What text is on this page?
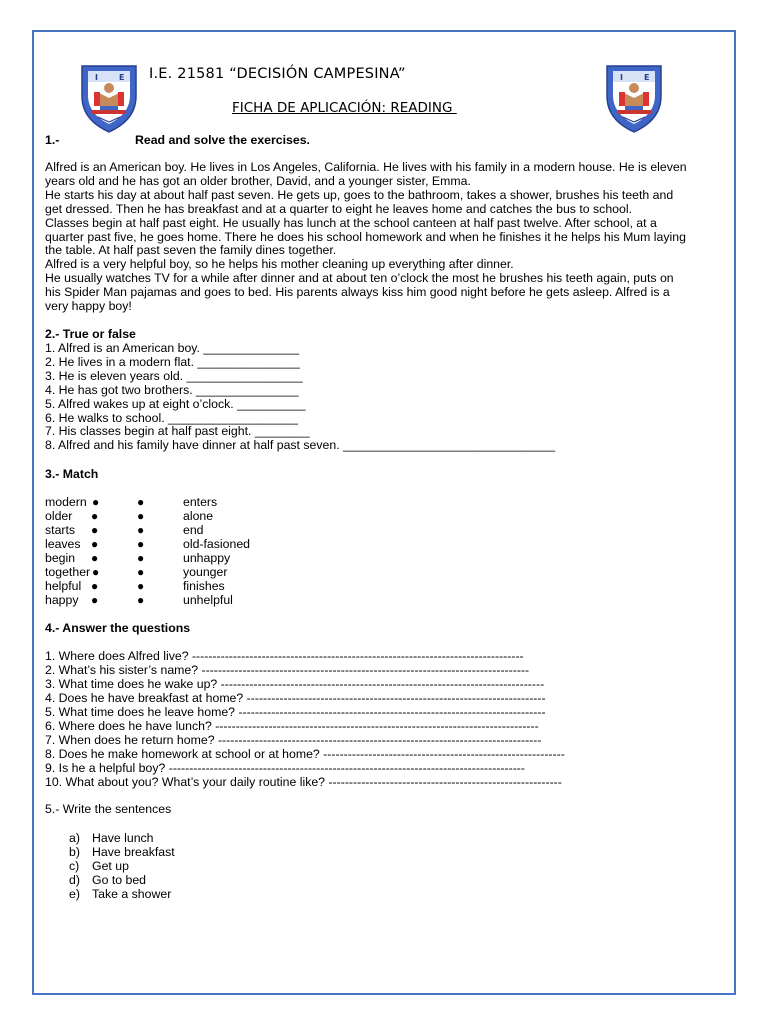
I	E	I	E
I.E. 21581 “DECISIÓN CAMPESINA”
FICHA DE APLICACIÓN: READING
1.-	Read and solve the exercises.
Alfred is an American boy. He lives in Los Angeles, California. He lives with his family in a modern house. He is eleven
years old and he has got an older brother, David, and a younger sister, Emma.
He starts his day at about half past seven. He gets up, goes to the bathroom, takes a shower, brushes his teeth and
get dressed. Then he has breakfast and at a quarter to eight he leaves home and catches the bus to school.
Classes begin at half past eight. He usually has lunch at the school canteen at half past twelve. After school, at a
quarter past five, he goes home. There he does his school homework and when he finishes it he helps his Mum laying
the table. At half past seven the family dines together.
Alfred is a very helpful boy, so he helps his mother cleaning up everything after dinner.
He usually watches TV for a while after dinner and at about ten o’clock the most he brushes his teeth again, puts on
his Spider Man pajamas and goes to bed. His parents always kiss him good night before he gets asleep. Alfred is a
very happy boy!
2.- True or false
1. Alfred is an American boy. ______________
2. He lives in a modern flat. _______________
3. He is eleven years old. _________________
4. He has got two brothers. _______________
5. Alfred wakes up at eight o’clock. __________
6. He walks to school. ___________________
7. His classes begin at half past eight. ________
8. Alfred and his family have dinner at half past seven. _______________________________
3.- Match
modern ●	●	enters
older ●	●	alone
starts ●	●	end
leaves ●	●	old-fasioned
begin ●	●	unhappy
together ●	●	younger
helpful ●	●	finishes
happy ●	●	unhelpful
4.- Answer the questions
1. Where does Alfred live? ---------------------------------------------------------------------------------
2. What’s his sister’s name? --------------------------------------------------------------------------------
3. What time does he wake up? -------------------------------------------------------------------------------
4. Does he have breakfast at home? -------------------------------------------------------------------------
5. What time does he leave home? ---------------------------------------------------------------------------
6. Where does he have lunch? -------------------------------------------------------------------------------
7. When does he return home? -------------------------------------------------------------------------------
8. Does he make homework at school or at home? -----------------------------------------------------------
9. Is he a helpful boy? ---------------------------------------------------------------------------------------
10. What about you? What’s your daily routine like? ---------------------------------------------------------
5.- Write the sentences
a) Have lunch
b) Have breakfast
c) Get up
d) Go to bed
e) Take a shower
